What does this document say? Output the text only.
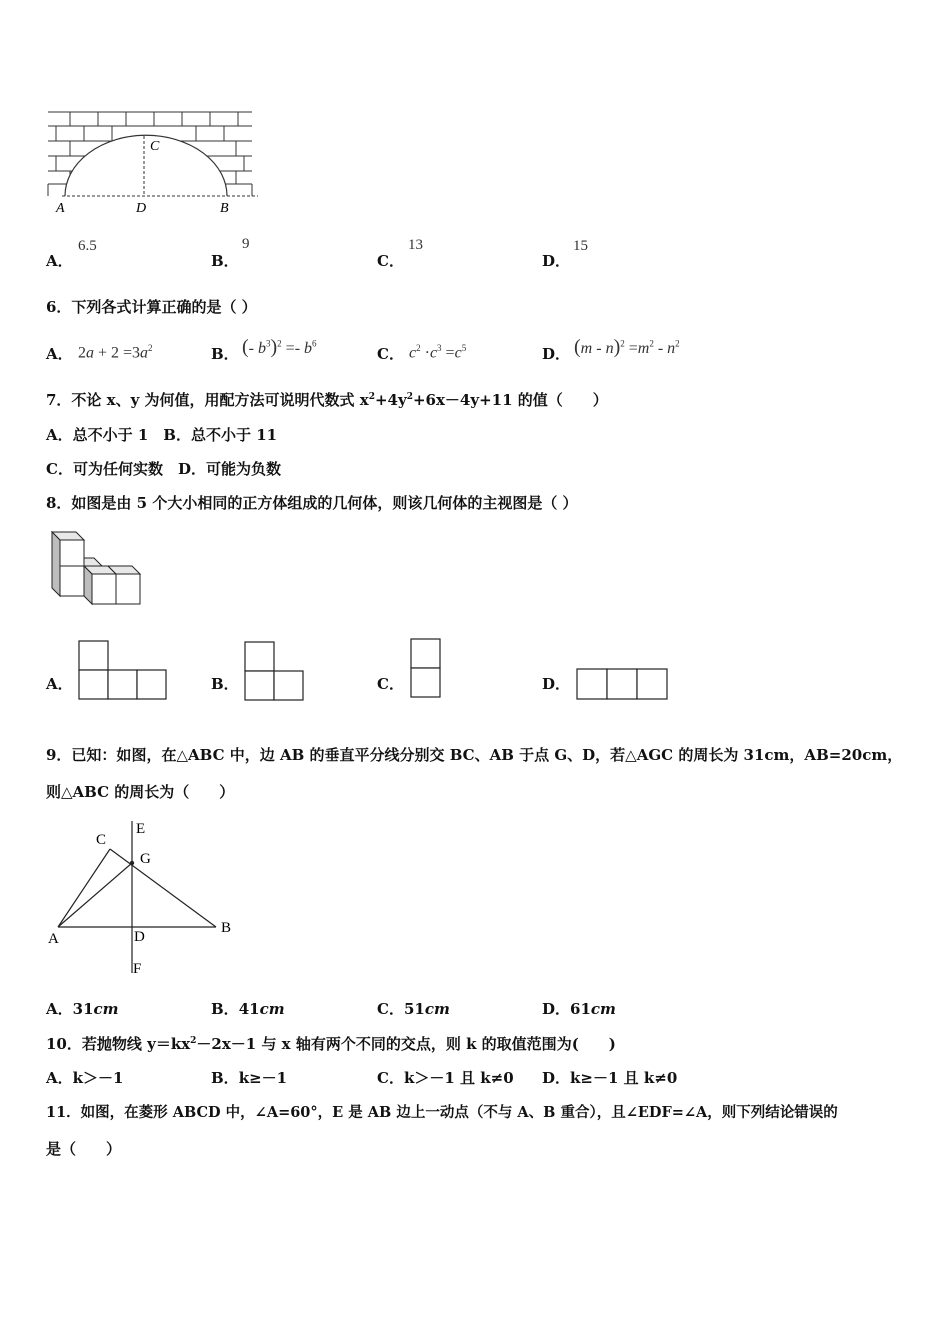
C
A	D	B
A．
6.5
B．
9
C．
13
D．
15
6．下列各式计算正确的是（ ）
A． $2a + 2 =3a^2$	B． (- $b^3)^2 =- b^6$
C． $c^2 \cdot c^3 =c^5$	D． $(m - n)^2 =m^2 - n^2$
7．不论 x、y 为何值，用配方法可说明代数式 $x^2+4y^2+6x-4y+11$ 的值（　　）
A．总不小于 1　B．总不小于 11
C．可为任何实数　D．可能为负数
8．如图是由 5 个大小相同的正方体组成的几何体，则该几何体的主视图是（ ）
A．	B．	C．	D．
9．已知：如图，在△ABC 中，边 AB 的垂直平分线分别交 BC、AB 于点 G、D，若△AGC 的周长为 31cm，AB=20cm，
则△ABC 的周长为（　　）
C
E
G
A	D
B
F
A．31cm	B．41cm	C．51cm	D．61cm
10．若抛物线 $y=kx^2-2x-1$ 与 x 轴有两个不同的交点，则 k 的取值范围为(　　)
A．k＞－1	B．k≥－1	C．k＞－1 且 k≠0 D．k≥－1 且 k≠0
11．如图，在菱形 ABCD 中，∠A=60°，E 是 AB 边上一动点（不与 A、B 重合），且∠EDF=∠A，则下列结论错误的
是（　　）
